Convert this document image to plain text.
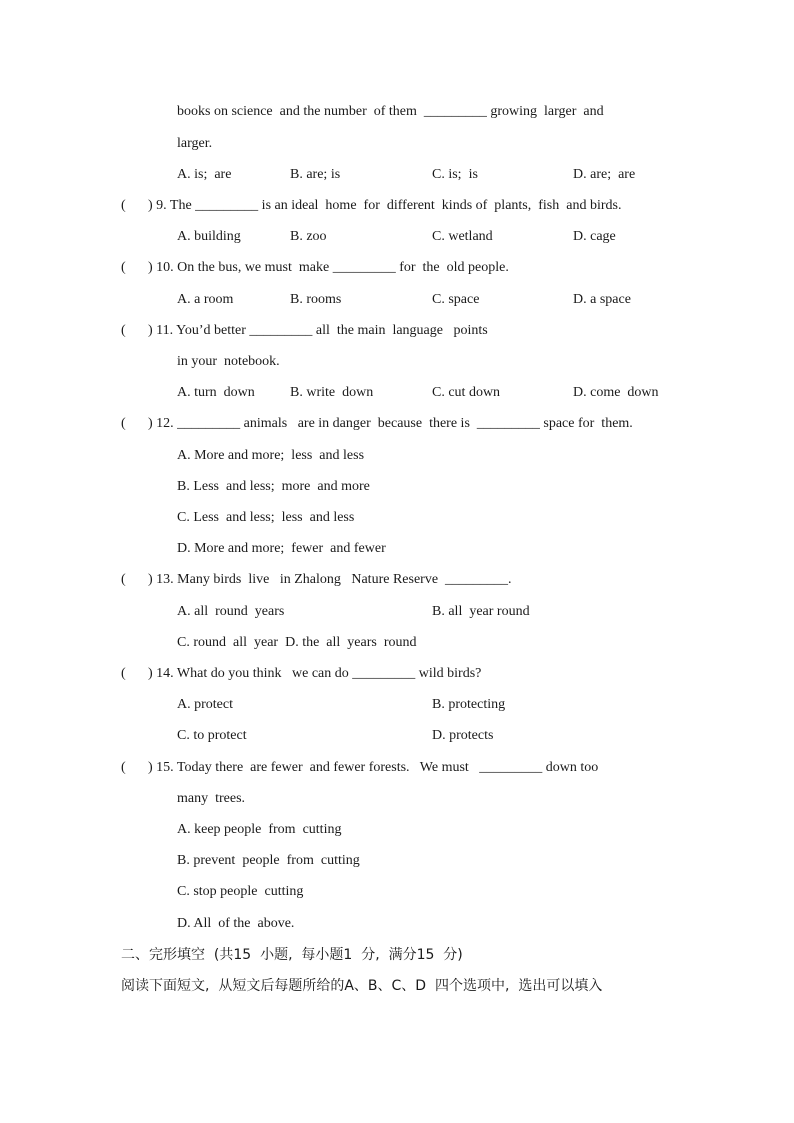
books on science  and the number  of them  _________ growing  larger  and
larger.
A. is;  are	B. are; is	C. is;  is	D. are;  are
( ) 9. The _________ is an ideal  home  for  different  kinds of  plants,  fish  and birds.
A. building	B. zoo	C. wetland	D. cage
( ) 10. On the bus, we must  make _________ for  the  old people.
A. a room	B. rooms	C. space	D. a space
( ) 11. You’d better _________ all  the main  language   points
in your  notebook.
A. turn  down	B. write  down	C. cut down	D. come  down
( ) 12. _________ animals   are in danger  because  there is  _________ space for  them.
A. More and more;  less  and less
B. Less  and less;  more  and more
C. Less  and less;  less  and less
D. More and more;  fewer  and fewer
( ) 13. Many birds  live   in Zhalong   Nature Reserve  _________.
A. all  round  years	B. all  year round
C. round  all  year  D. the  all  years  round
( ) 14. What do you think   we can do _________ wild birds?
A. protect	B. protecting
C. to protect	D. protects
( ) 15. Today there  are fewer  and fewer forests.   We must   _________ down too
many  trees.
A. keep people  from  cutting
B. prevent  people  from  cutting
C. stop people  cutting
D. All  of the  above.
二、完形填空  (共15  小题,  每小题1  分,  满分15  分)
阅读下面短文,  从短文后每题所给的A、B、C、D  四个选项中,  选出可以填入
